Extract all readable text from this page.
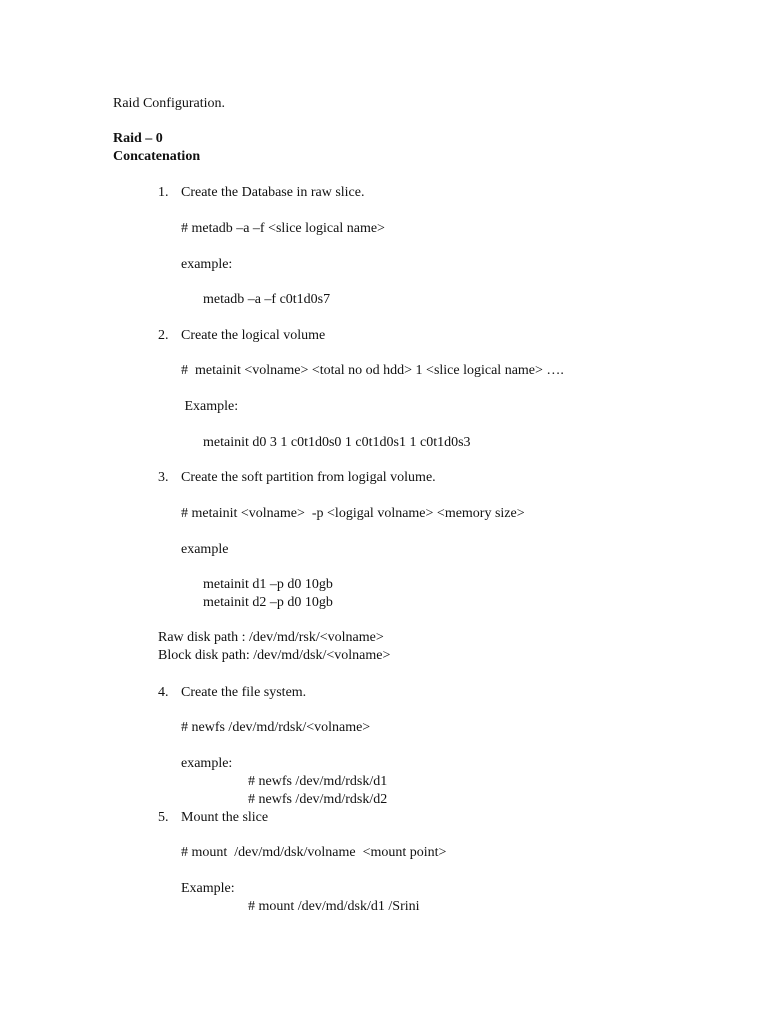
Raid Configuration.
Raid – 0
Concatenation
1. Create the Database in raw slice.
# metadb –a –f <slice logical name>
example:
metadb –a –f c0t1d0s7
2. Create the logical volume
#  metainit <volname> <total no od hdd> 1 <slice logical name> ….
Example:
metainit d0 3 1 c0t1d0s0 1 c0t1d0s1 1 c0t1d0s3
3. Create the soft partition from logigal volume.
# metainit <volname>  -p <logigal volname> <memory size>
example
metainit d1 –p d0 10gb
metainit d2 –p d0 10gb
Raw disk path : /dev/md/rsk/<volname>
Block disk path: /dev/md/dsk/<volname>
4. Create the file system.
# newfs /dev/md/rdsk/<volname>
example:
# newfs /dev/md/rdsk/d1
# newfs /dev/md/rdsk/d2
5. Mount the slice
# mount  /dev/md/dsk/volname  <mount point>
Example:
# mount /dev/md/dsk/d1 /Srini
